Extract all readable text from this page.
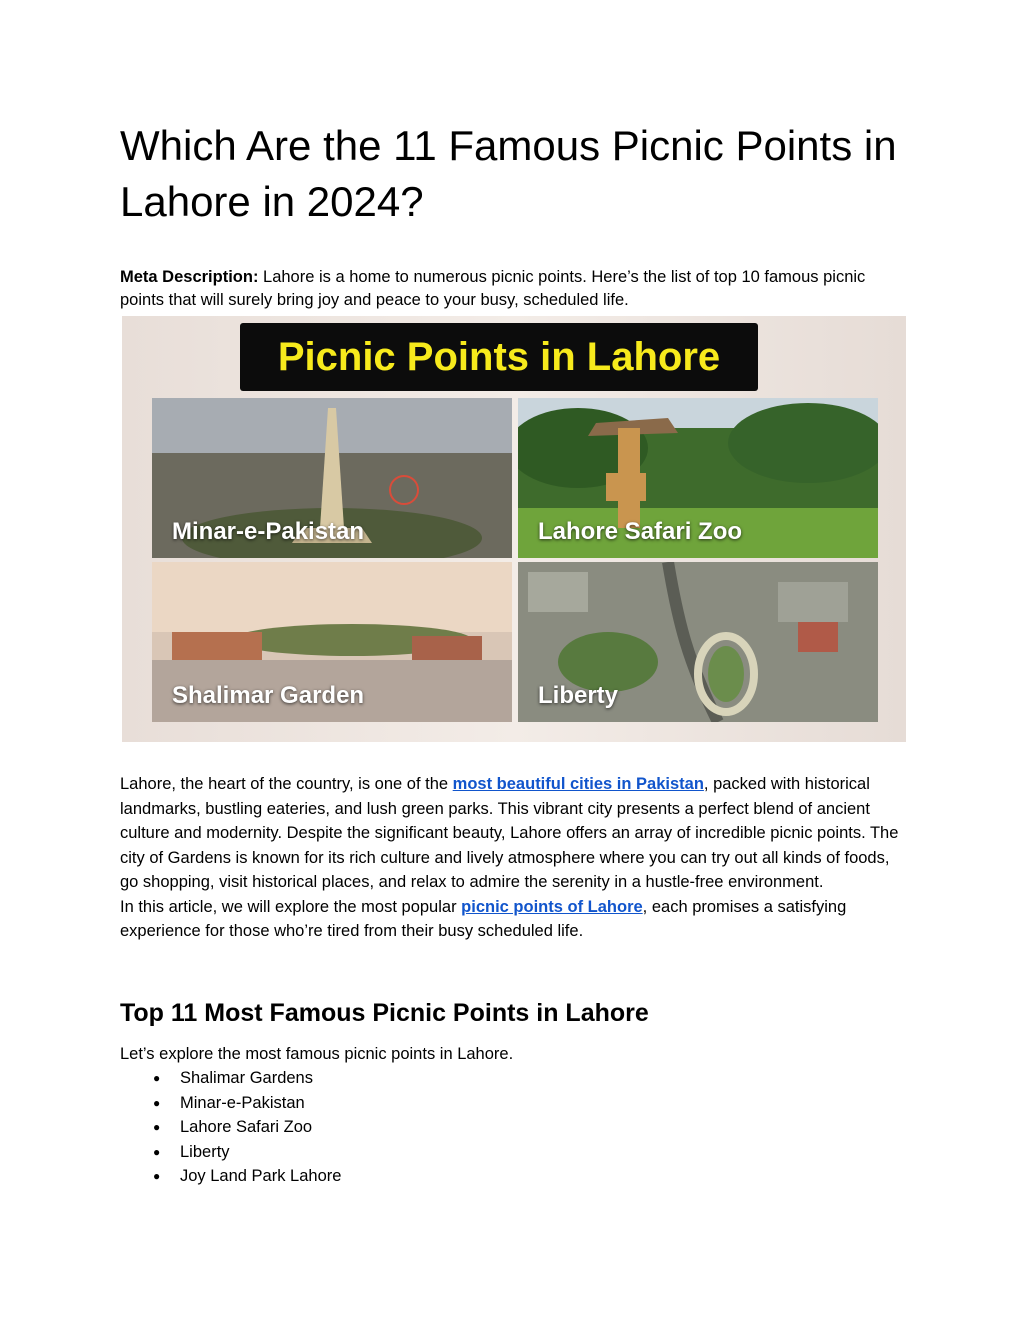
Which Are the 11 Famous Picnic Points in Lahore in 2024?

Meta Description: Lahore is a home to numerous picnic points. Here’s the list of top 10 famous picnic points that will surely bring joy and peace to your busy, scheduled life.

Picnic Points in Lahore
Minar-e-Pakistan	Lahore Safari Zoo
Shalimar Garden	Liberty

Lahore, the heart of the country, is one of the most beautiful cities in Pakistan, packed with historical landmarks, bustling eateries, and lush green parks. This vibrant city presents a perfect blend of ancient culture and modernity. Despite the significant beauty, Lahore offers an array of incredible picnic points. The city of Gardens is known for its rich culture and lively atmosphere where you can try out all kinds of foods, go shopping, visit historical places, and relax to admire the serenity in a hustle-free environment.

In this article, we will explore the most popular picnic points of Lahore, each promises a satisfying experience for those who’re tired from their busy scheduled life.

Top 11 Most Famous Picnic Points in Lahore

Let’s explore the most famous picnic points in Lahore.

● Shalimar Gardens
● Minar-e-Pakistan
● Lahore Safari Zoo
● Liberty
● Joy Land Park Lahore
